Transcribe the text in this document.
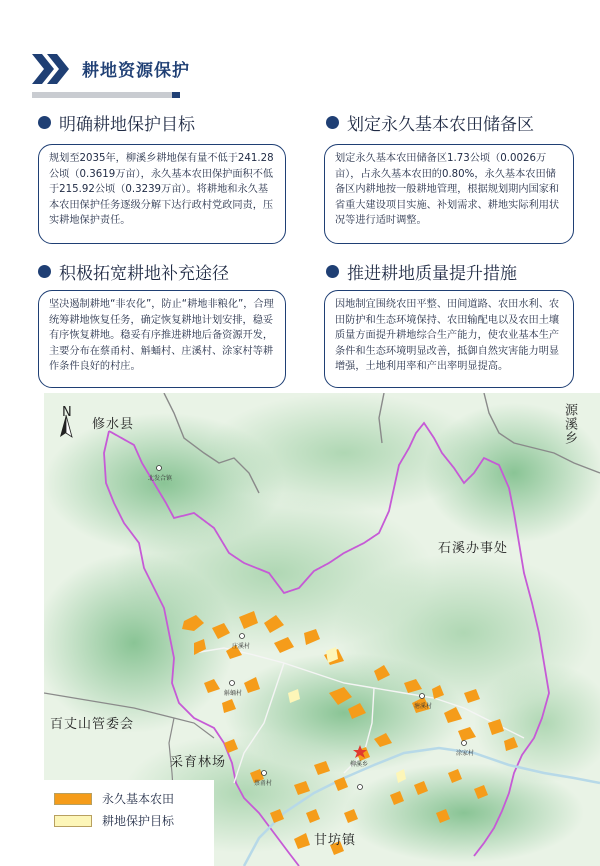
耕地资源保护
明确耕地保护目标
规划至2035年，柳溪乡耕地保有量不低于241.28公顷（0.3619万亩），永久基本农田保护面积不低于215.92公顷（0.3239万亩）。将耕地和永久基本农田保护任务逐级分解下达行政村党政同责，压实耕地保护责任。
划定永久基本农田储备区
划定永久基本农田储备区1.73公顷（0.0026万亩），占永久基本农田的0.80%，永久基本农田储备区内耕地按一般耕地管理，根据规划期内国家和省重大建设项目实施、补划需求、耕地实际利用状况等进行适时调整。
积极拓宽耕地补充途径
坚决遏制耕地“非农化”，防止“耕地非粮化”，合理统筹耕地恢复任务，确定恢复耕地计划安排，稳妥有序恢复耕地。稳妥有序推进耕地后备资源开发，主要分布在蔡甬村、斛蛹村、庄溪村、涂家村等耕作条件良好的村庄。
推进耕地质量提升措施
因地制宜围绕农田平整、田间道路、农田水利、农田防护和生态环境保持、农田输配电以及农田土壤质量方面提升耕地综合生产能力，使农业基本生产条件和生态环境明显改善，抵御自然灾害能力明显增强，土地利用率和产出率明显提高。
N
修水县	源溪乡
石溪办事处
百丈山管委会
采育林场
甘坊镇
北发合镇
庄溪村
斛蛹村
塘溪村
涂家村
柳溪乡
蔡甬村
永久基本农田
耕地保护目标
